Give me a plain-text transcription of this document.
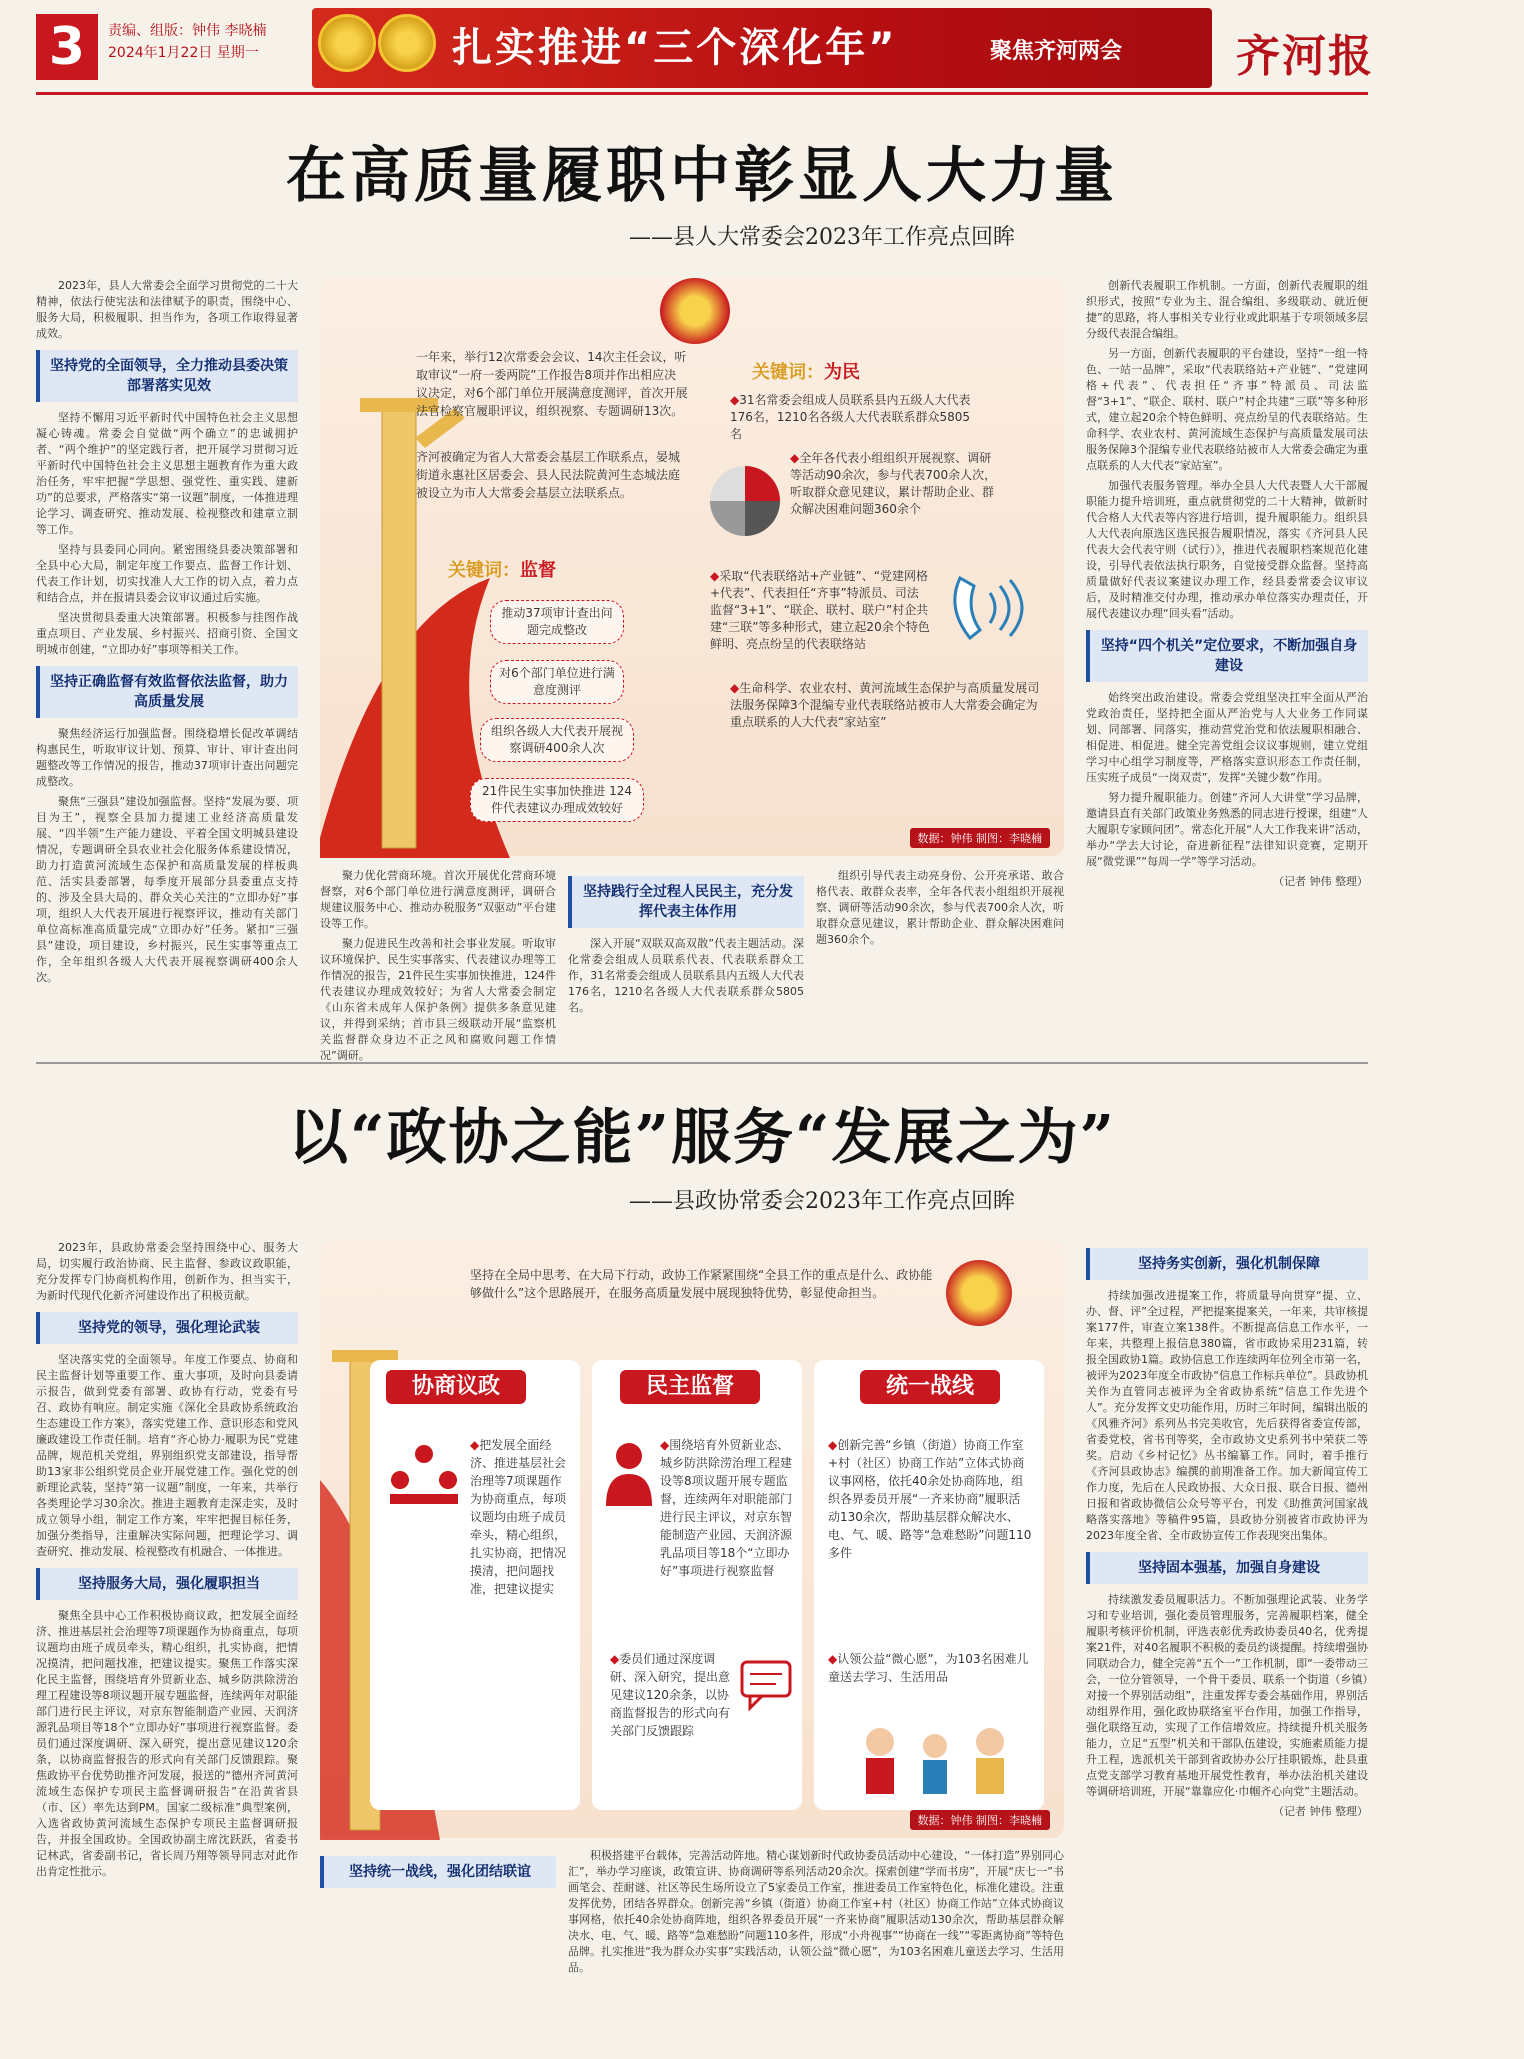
3	责编、组版：钟伟 李晓楠
2024年1月22日 星期一	扎实推进“三个深化年”	聚焦齐河两会	齐河报
在高质量履职中彰显人大力量
——县人大常委会2023年工作亮点回眸

2023年，县人大常委会全面学习贯彻党的二十大精神，依法行使宪法和法律赋予的职责，围绕中心、服务大局，积极履职、担当作为，各项工作取得显著成效。

坚持党的全面领导，全力推动县委决策部署落实见效

坚持不懈用习近平新时代中国特色社会主义思想凝心铸魂。常委会自觉做“两个确立”的忠诚拥护者、“两个维护”的坚定践行者，把开展学习贯彻习近平新时代中国特色社会主义思想主题教育作为重大政治任务，牢牢把握“学思想、强党性、重实践、建新功”的总要求，严格落实“第一议题”制度，一体推进理论学习、调查研究、推动发展、检视整改和建章立制等工作。

坚持与县委同心同向。紧密围绕县委决策部署和全县中心大局，制定年度工作要点、监督工作计划、代表工作计划，切实找准人大工作的切入点，着力点和结合点，并在报请县委会议审议通过后实施。

坚决贯彻县委重大决策部署。积极参与挂图作战重点项目、产业发展、乡村振兴、招商引资、全国文明城市创建，“立即办好”事项等相关工作。

坚持正确监督有效监督依法监督，助力高质量发展

聚焦经济运行加强监督。围绕稳增长促改革调结构惠民生，听取审议计划、预算、审计、审计查出问题整改等工作情况的报告，推动37项审计查出问题完成整改。

聚焦“三强县”建设加强监督。坚持“发展为要、项目为王”，视察全县加力提速工业经济高质量发展、“四半领”生产能力建设、平着全国文明城县建设情况，专题调研全县农业社会化服务体系建设情况，助力打造黄河流域生态保护和高质量发展的样板典范、活实县委部署，每季度开展部分县委重点支持的、涉及全县大局的、群众关心关注的“立即办好”事项，组织人大代表开展进行视察评议，推动有关部门单位高标准高质量完成“立即办好”任务。紧扣“三强县”建设，项目建设，乡村振兴，民生实事等重点工作，全年组织各级人大代表开展视察调研400余人次。

一年来，举行12次常委会会议、14次主任会议，听取审议“一府一委两院”工作报告8项并作出相应决议决定，对6个部门单位开展满意度测评，首次开展法官检察官履职评议，组织视察、专题调研13次。
齐河被确定为省人大常委会基层工作联系点，晏城街道永惠社区居委会、县人民法院黄河生态城法庭被设立为市人大常委会基层立法联系点。
关键词：监督
推动37项审计查出问题完成整改
对6个部门单位进行满意度测评
组织各级人大代表开展视察调研400余人次
21件民生实事加快推进 124件代表建议办理成效较好
关键词：为民
◆31名常委会组成人员联系县内五级人大代表176名，1210名各级人大代表联系群众5805名
◆全年各代表小组组织开展视察、调研等活动90余次，参与代表700余人次，听取群众意见建议，累计帮助企业、群众解决困难问题360余个
◆采取“代表联络站+产业链”、“党建网格+代表”、代表担任“齐事”特派员、司法监督“3+1”、“联企、联村、联户”村企共建“三联”等多种形式，建立起20余个特色鲜明、亮点纷呈的代表联络站
◆生命科学、农业农村、黄河流域生态保护与高质量发展司法服务保障3个混编专业代表联络站被市人大常委会确定为重点联系的人大代表“家站室”
数据：钟伟 制图：李晓楠

聚力优化营商环境。首次开展优化营商环境督察，对6个部门单位进行满意度测评，调研合规建议服务中心、推动办税服务“双驱动”平台建设等工作。

聚力促进民生改善和社会事业发展。听取审议环境保护、民生实事落实、代表建议办理等工作情况的报告，21件民生实事加快推进，124件代表建议办理成效较好；为省人大常委会制定《山东省未成年人保护条例》提供多条意见建议，并得到采纳；首市县三级联动开展“监察机关监督群众身边不正之风和腐败问题工作情况”调研。

坚持践行全过程人民民主，充分发挥代表主体作用

深入开展“双联双高双散”代表主题活动。深化常委会组成人员联系代表、代表联系群众工作，31名常委会组成人员联系县内五级人大代表176名，1210名各级人大代表联系群众5805名。

组织引导代表主动亮身份、公开亮承诺、敢合格代表、敢群众表率，全年各代表小组组织开展视察、调研等活动90余次，参与代表700余人次，听取群众意见建议，累计帮助企业、群众解决困难问题360余个。

创新代表履职工作机制。一方面，创新代表履职的组织形式，按照“专业为主、混合编组、多级联动、就近便捷”的思路，将人事相关专业行业或此职基于专项领域多层分级代表混合编组。

另一方面，创新代表履职的平台建设，坚持“一组一特色、一站一品牌”，采取“代表联络站+产业链”、“党建网格+代表”、代表担任“齐事”特派员、司法监督“3+1”、“联企、联村、联户”村企共建“三联”等多种形式，建立起20余个特色鲜明、亮点纷呈的代表联络站。生命科学、农业农村、黄河流域生态保护与高质量发展司法服务保障3个混编专业代表联络站被市人大常委会确定为重点联系的人大代表“家站室”。

加强代表服务管理。举办全县人大代表暨人大干部履职能力提升培训班，重点就贯彻党的二十大精神，做新时代合格人大代表等内容进行培训，提升履职能力。组织县人大代表向原选区选民报告履职情况，落实《齐河县人民代表大会代表守则（试行）》，推进代表履职档案规范化建设，引导代表依法执行职务，自觉接受群众监督。坚持高质量做好代表议案建议办理工作，经县委常委会议审议后，及时精准交付办理，推动承办单位落实办理责任，开展代表建议办理“回头看”活动。

坚持“四个机关”定位要求，不断加强自身建设

始终突出政治建设。常委会党组坚决扛牢全面从严治党政治责任，坚持把全面从严治党与人大业务工作同谋划、同部署、同落实，推动营党治党和依法履职相融合、相促进、相促进。健全完善党组会议议事规则，建立党组学习中心组学习制度等，严格落实意识形态工作责任制，压实班子成员“一岗双责”，发挥“关键少数”作用。

努力提升履职能力。创建“齐河人大讲堂”学习品牌，邀请县直有关部门政策业务熟悉的同志进行授课，组建“人大履职专家顾问团”。常态化开展“人大工作我来讲”活动，举办“学去大讨论，奋进新征程”法律知识竞赛，定期开展“微党课”“每周一学”等学习活动。

（记者 钟伟 整理）
以“政协之能”服务“发展之为”
——县政协常委会2023年工作亮点回眸

2023年，县政协常委会坚持围绕中心、服务大局，切实履行政治协商、民主监督、参政议政职能，充分发挥专门协商机构作用，创新作为、担当实干，为新时代现代化新齐河建设作出了积极贡献。

坚持党的领导，强化理论武装

坚决落实党的全面领导。年度工作要点、协商和民主监督计划等重要工作、重大事项，及时向县委请示报告，做到党委有部署、政协有行动，党委有号召、政协有响应。制定实施《深化全县政协系统政治生态建设工作方案》，落实党建工作、意识形态和党风廉政建设工作责任制。培育“齐心协力·履职为民”党建品牌，规范机关党组，界别组织党支部建设，指导帮助13家非公组织党员企业开展党建工作。强化党的创新理论武装，坚持“第一议题”制度，一年来，共举行各类理论学习30余次。推进主题教育走深走实，及时成立领导小组，制定工作方案，牢牢把握目标任务，加强分类指导，注重解决实际问题，把理论学习、调查研究、推动发展、检视整改有机融合、一体推进。

坚持服务大局，强化履职担当

聚焦全县中心工作积极协商议政，把发展全面经济、推进基层社会治理等7项课题作为协商重点，每项议题均由班子成员牵头，精心组织，扎实协商，把情况摸清，把问题找准，把建议提实。聚焦工作落实深化民主监督，围绕培育外贸新业态、城乡防洪除涝治理工程建设等8项议题开展专题监督，连续两年对职能部门进行民主评议，对京东智能制造产业园、天润济源乳品项目等18个“立即办好”事项进行视察监督。委员们通过深度调研、深入研究，提出意见建议120余条，以协商监督报告的形式向有关部门反馈跟踪。聚焦政协平台优势助推齐河发展，报送的“德州齐河黄河流域生态保护专项民主监督调研报告”在沿黄省县（市、区）率先达到PM。国家二级标准”典型案例，入选省政协黄河流域生态保护专项民主监督调研报告，并报全国政协。全国政协副主席沈跃跃，省委书记林武，省委副书记，省长周乃翔等领导同志对此作出肯定性批示。

坚持在全局中思考、在大局下行动，政协工作紧紧围绕“全县工作的重点是什么、政协能够做什么”这个思路展开，在服务高质量发展中展现独特优势，彰显使命担当。
协商议政
◆把发展全面经济、推进基层社会治理等7项课题作为协商重点，每项议题均由班子成员牵头，精心组织，扎实协商，把情况摸清，把问题找准，把建议提实
民主监督
◆围绕培育外贸新业态、城乡防洪除涝治理工程建设等8项议题开展专题监督，连续两年对职能部门进行民主评议，对京东智能制造产业园、天润济源乳品项目等18个“立即办好”事项进行视察监督
◆委员们通过深度调研、深入研究，提出意见建议120余条，以协商监督报告的形式向有关部门反馈跟踪
统一战线
◆创新完善“乡镇（街道）协商工作室+村（社区）协商工作站”立体式协商议事网格，依托40余处协商阵地，组织各界委员开展“一齐来协商”履职活动130余次，帮助基层群众解决水、电、气、暖、路等“急难愁盼”问题110多件
◆认领公益“微心愿”，为103名困难儿童送去学习、生活用品
数据：钟伟 制图：李晓楠
坚持统一战线，强化团结联谊

积极搭建平台载体，完善活动阵地。精心谋划新时代政协委员活动中心建设，“一体打造”界别同心汇”，举办学习座谈，政策宣讲、协商调研等系列活动20余次。探索创建“学而书房”，开展“庆七一”书画笔会、茬耐谜、社区等民生场所设立了5家委员工作室，推进委员工作室特色化，标准化建设。注重发挥优势，团结各界群众。创新完善“乡镇（街道）协商工作室+村（社区）协商工作站”立体式协商议事网格，依托40余处协商阵地，组织各界委员开展“一齐来协商”履职活动130余次，帮助基层群众解决水、电、气、暖、路等“急难愁盼”问题110多件，形成“小舟视事”“协商在一线”“零距离协商”等特色品牌。扎实推进“我为群众办实事”实践活动，认领公益“微心愿”，为103名困难儿童送去学习、生活用品。

坚持务实创新，强化机制保障

持续加强改进提案工作，将质量导向贯穿“提、立、办、督、评”全过程，严把提案提案关，一年来，共审核提案177件，审查立案138件。不断提高信息工作水平，一年来，共整理上报信息380篇，省市政协采用231篇，转报全国政协1篇。政协信息工作连续两年位列全市第一名，被评为2023年度全市政协“信息工作标兵单位”。县政协机关作为直管同志被评为全省政协系统“信息工作先进个人”。充分发挥文史功能作用，历时三年时间，编辑出版的《风雅齐河》系列丛书完美收官，先后获得省委宣传部，省委党校，省书刊等奖，全市政协文史系列书中荣获二等奖。启动《乡村记忆》丛书编纂工作。同时，着手推行《齐河县政协志》编撰的前期准备工作。加大新闻宣传工作力度，先后在人民政协报、大众日报、联合日报、德州日报和省政协微信公众号等平台，刊发《助推黄河国家战略落实落地》等稿件95篇，县政协分别被省市政协评为2023年度全省、全市政协宣传工作表现突出集体。

坚持固本强基，加强自身建设

持续激发委员履职活力。不断加强理论武装、业务学习和专业培训，强化委员管理服务，完善履职档案，健全履职考核评价机制，评选表彰优秀政协委员40名，优秀提案21件，对40名履职不积极的委员约谈提醒。持续增强协同联动合力，健全完善“五个一”工作机制，即“一委带动三会，一位分管领导，一个骨干委员、联系一个街道（乡镇）对接一个界别活动组”，注重发挥专委会基础作用，界别活动组界作用，强化政协联络室平台作用，加强工作指导，强化联络互动，实现了工作信增效应。持续提升机关服务能力，立足“五型”机关和干部队伍建设，实施素质能力提升工程，选派机关干部到省政协办公厅挂职锻炼，赴县重点党支部学习教育基地开展党性教育，举办法治机关建设等调研培训班，开展“靠靠应化·巾帼齐心向党”主题活动。

（记者 钟伟 整理）
